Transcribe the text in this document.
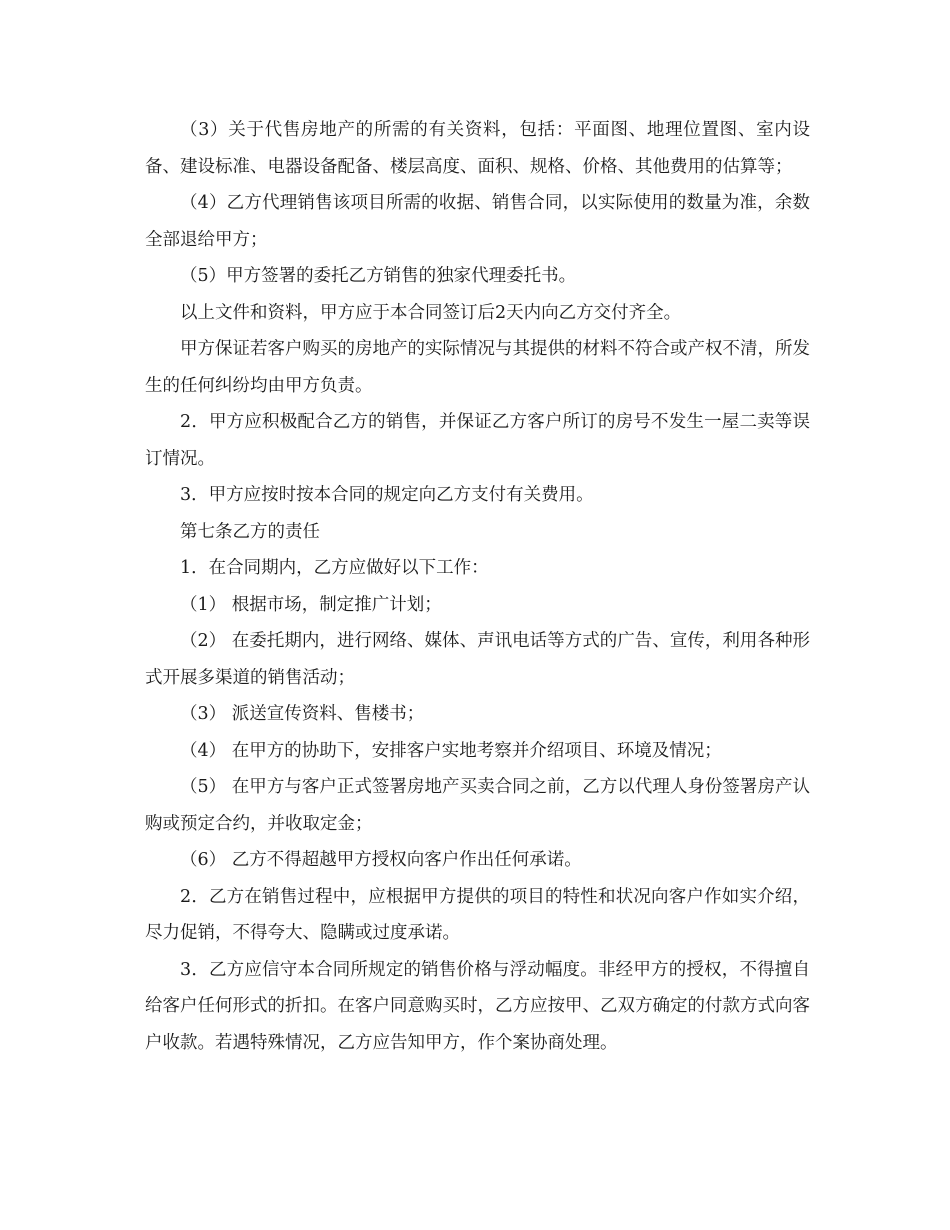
（3）关于代售房地产的所需的有关资料，包括：平面图、地理位置图、室内设备、建设标准、电器设备配备、楼层高度、面积、规格、价格、其他费用的估算等；

（4）乙方代理销售该项目所需的收据、销售合同，以实际使用的数量为准，余数全部退给甲方；

（5）甲方签署的委托乙方销售的独家代理委托书。

以上文件和资料，甲方应于本合同签订后2天内向乙方交付齐全。

甲方保证若客户购买的房地产的实际情况与其提供的材料不符合或产权不清，所发生的任何纠纷均由甲方负责。

2．甲方应积极配合乙方的销售，并保证乙方客户所订的房号不发生一屋二卖等误订情况。

3．甲方应按时按本合同的规定向乙方支付有关费用。

第七条乙方的责任

1．在合同期内，乙方应做好以下工作：

（1） 根据市场，制定推广计划；

（2） 在委托期内，进行网络、媒体、声讯电话等方式的广告、宣传，利用各种形式开展多渠道的销售活动；

（3） 派送宣传资料、售楼书；

（4） 在甲方的协助下，安排客户实地考察并介绍项目、环境及情况；

（5） 在甲方与客户正式签署房地产买卖合同之前，乙方以代理人身份签署房产认购或预定合约，并收取定金；

（6） 乙方不得超越甲方授权向客户作出任何承诺。

2．乙方在销售过程中，应根据甲方提供的项目的特性和状况向客户作如实介绍，尽力促销，不得夸大、隐瞒或过度承诺。

3．乙方应信守本合同所规定的销售价格与浮动幅度。非经甲方的授权，不得擅自给客户任何形式的折扣。在客户同意购买时，乙方应按甲、乙双方确定的付款方式向客户收款。若遇特殊情况，乙方应告知甲方，作个案协商处理。
